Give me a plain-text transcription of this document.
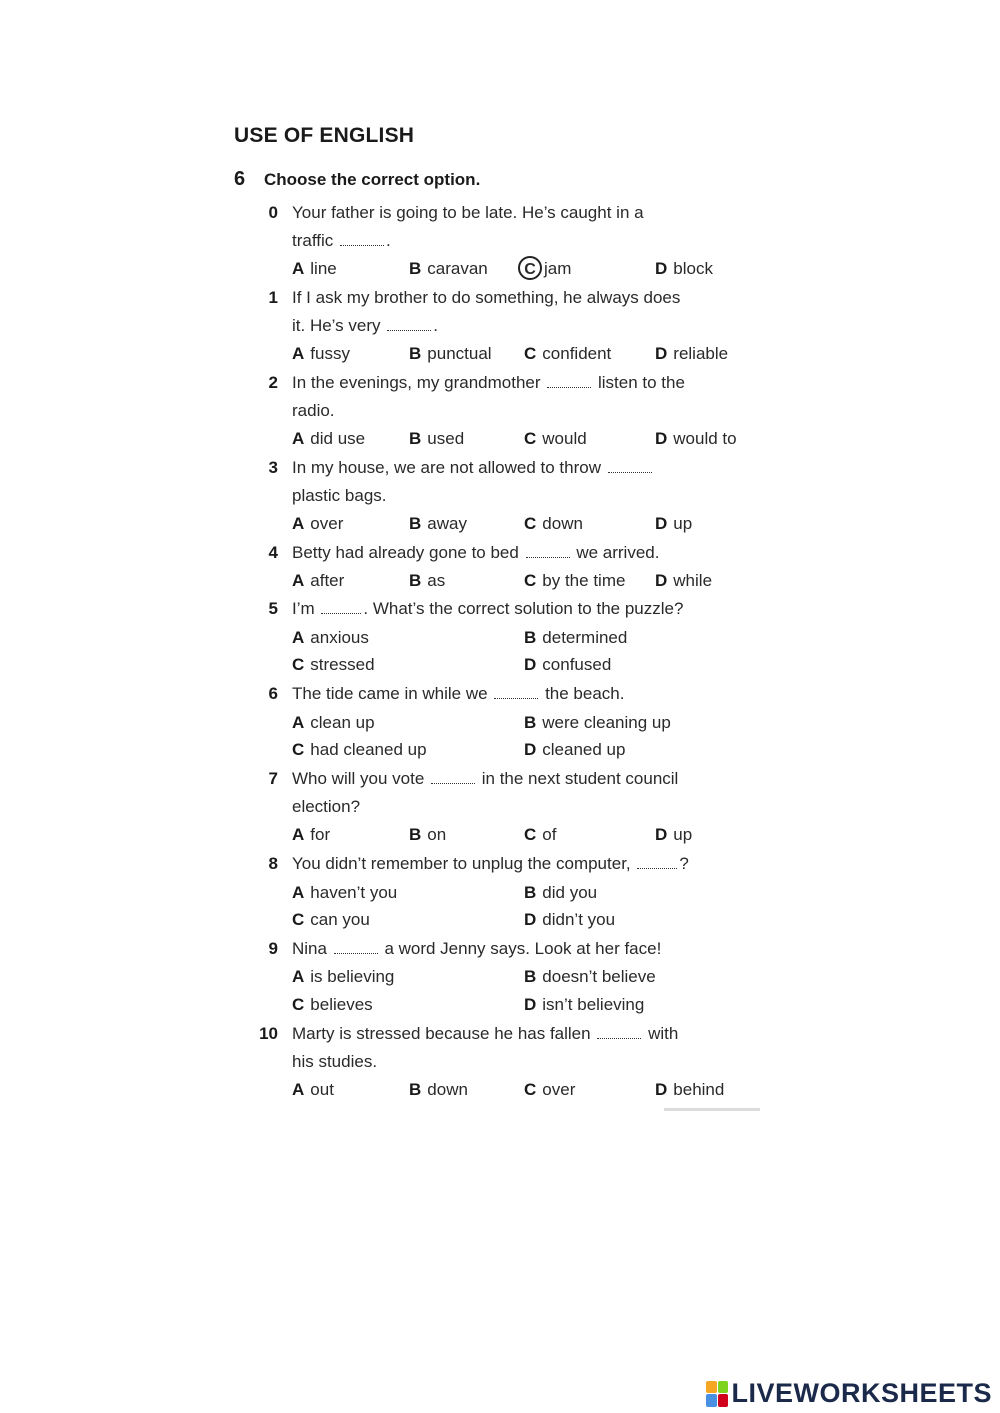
USE OF ENGLISH
6 Choose the correct option.
0 Your father is going to be late. He’s caught in a
traffic	.
A line	B caravan	C jam	D block
1 If I ask my brother to do something, he always does
it. He’s very	.
A fussy	B punctual C confident	D reliable
2 In the evenings, my grandmother	listen to the
radio.
A did use	B used	C would	D would to
3 In my house, we are not allowed to throw
plastic bags.
A over	B away	C down	D up
4 Betty had already gone to bed	we arrived.
A after	B as	C by the time D while
5 I’m	. What’s the correct solution to the puzzle?
A anxious	B determined
C stressed	D confused
6 The tide came in while we	the beach.
A clean up	B were cleaning up
C had cleaned up	D cleaned up
7 Who will you vote	in the next student council
election?
A for	B on	C of	D up
8 You didn’t remember to unplug the computer,	?
A haven’t you	B did you
C can you	D didn’t you
9 Nina	a word Jenny says. Look at her face!
A is believing	B doesn’t believe
C believes	D isn’t believing
10 Marty is stressed because he has fallen	with
his studies.
A out	B down	C over	D behind
LIVEWORKSHEETS
